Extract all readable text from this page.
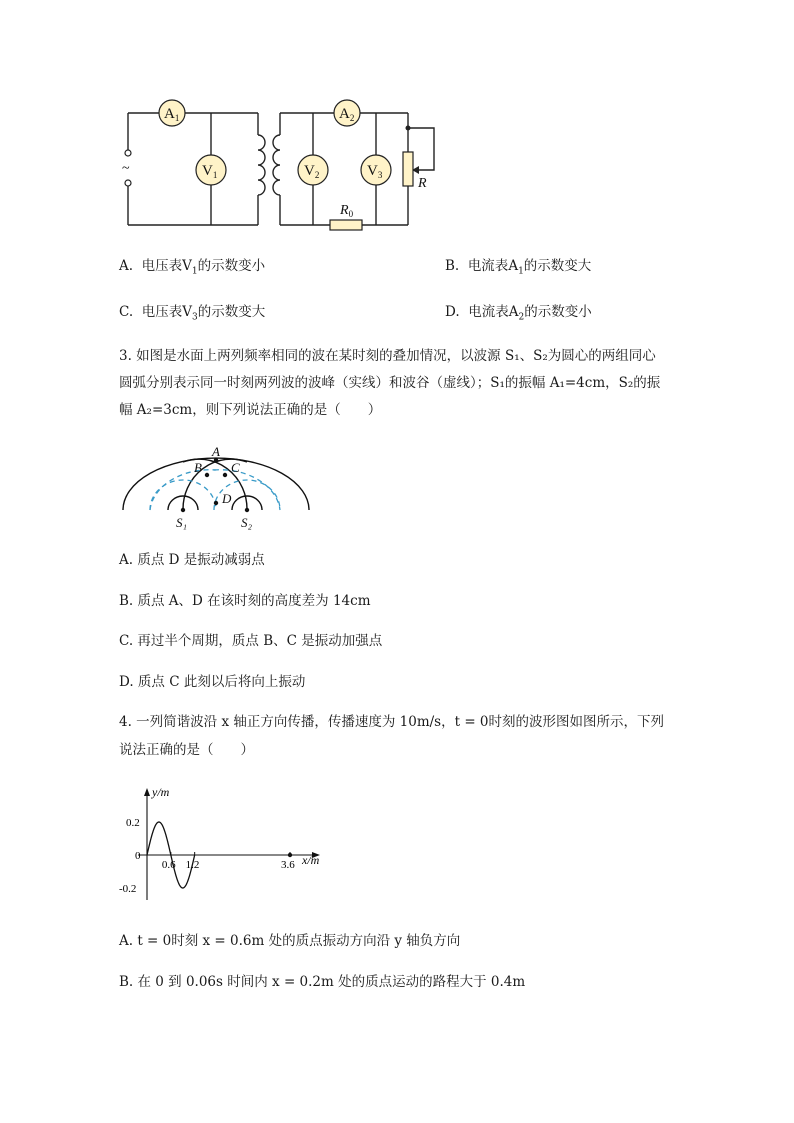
~
$A_1$	$A_2$
$V_1$	$V_2$	$V_3$
$R_0$
R
A. 电压表$V_1$的示数变小	B. 电流表$A_1$的示数变大
C. 电压表$V_3$的示数变大	D. 电流表$A_2$的示数变小
3. 如图是水面上两列频率相同的波在某时刻的叠加情况，以波源 S₁、S₂为圆心的两组同心
圆弧分别表示同一时刻两列波的波峰（实线）和波谷（虚线）；S₁的振幅 A₁=4cm，S₂的振
幅 A₂=3cm，则下列说法正确的是（　　）
A
B C
D
S₁	S₂
A. 质点 D 是振动减弱点
B. 质点 A、D 在该时刻的高度差为 14cm
C. 再过半个周期，质点 B、C 是振动加强点
D. 质点 C 此刻以后将向上振动
4. 一列简谐波沿 x 轴正方向传播，传播速度为 10m/s，t = 0时刻的波形图如图所示，下列
说法正确的是（　　）
y/m
x/m
0.6 1.2	3.6
0.2
0
-0.2
A. t = 0时刻 x = 0.6m 处的质点振动方向沿 y 轴负方向
B. 在 0 到 0.06s 时间内 x = 0.2m 处的质点运动的路程大于 0.4m
